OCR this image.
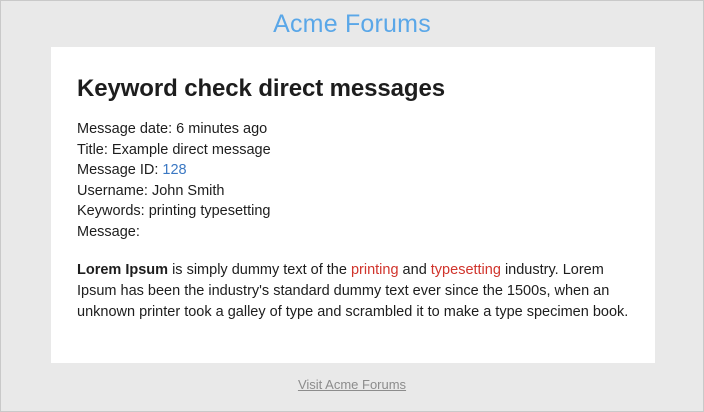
Acme Forums
Keyword check direct messages
Message date: 6 minutes ago
Title: Example direct message
Message ID: 128
Username: John Smith
Keywords: printing typesetting
Message:
Lorem Ipsum is simply dummy text of the printing and typesetting industry. Lorem Ipsum has been the industry's standard dummy text ever since the 1500s, when an unknown printer took a galley of type and scrambled it to make a type specimen book.
Visit Acme Forums
